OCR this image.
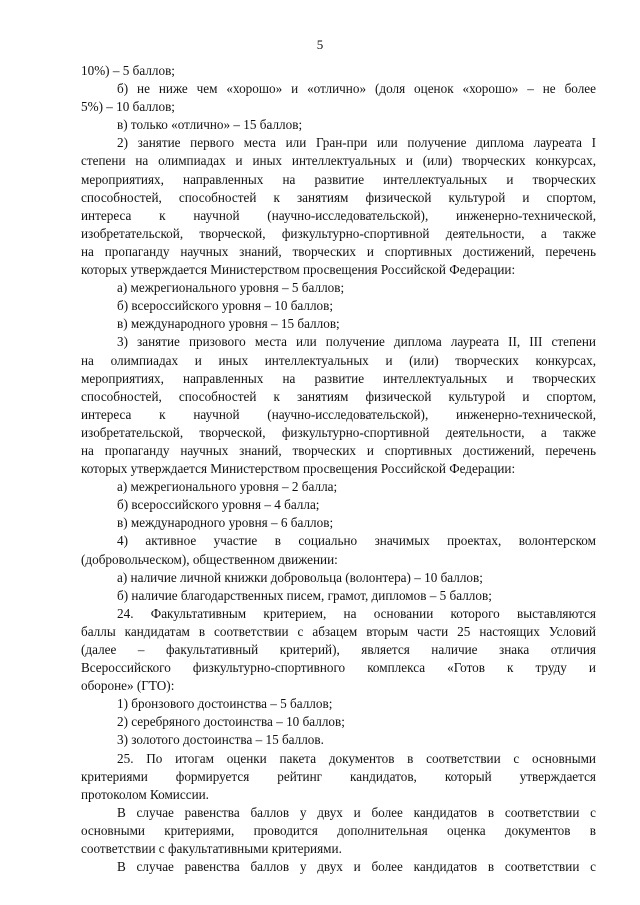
5
10%) – 5 баллов;
б) не ниже чем «хорошо» и «отлично» (доля оценок «хорошо» – не более
5%) – 10 баллов;
в) только «отлично» – 15 баллов;
2) занятие первого места или Гран-при или получение диплома лауреата I
степени на олимпиадах и иных интеллектуальных и (или) творческих конкурсах,
мероприятиях, направленных на развитие интеллектуальных и творческих
способностей, способностей к занятиям физической культурой и спортом,
интереса к научной (научно-исследовательской), инженерно-технической,
изобретательской, творческой, физкультурно-спортивной деятельности, а также
на пропаганду научных знаний, творческих и спортивных достижений, перечень
которых утверждается Министерством просвещения Российской Федерации:
а) межрегионального уровня – 5 баллов;
б) всероссийского уровня – 10 баллов;
в) международного уровня – 15 баллов;
3) занятие призового места или получение диплома лауреата II, III степени
на олимпиадах и иных интеллектуальных и (или) творческих конкурсах,
мероприятиях, направленных на развитие интеллектуальных и творческих
способностей, способностей к занятиям физической культурой и спортом,
интереса к научной (научно-исследовательской), инженерно-технической,
изобретательской, творческой, физкультурно-спортивной деятельности, а также
на пропаганду научных знаний, творческих и спортивных достижений, перечень
которых утверждается Министерством просвещения Российской Федерации:
а) межрегионального уровня – 2 балла;
б) всероссийского уровня – 4 балла;
в) международного уровня – 6 баллов;
4) активное участие в социально значимых проектах, волонтерском
(добровольческом), общественном движении:
а) наличие личной книжки добровольца (волонтера) – 10 баллов;
б) наличие благодарственных писем, грамот, дипломов – 5 баллов;
24. Факультативным критерием, на основании которого выставляются
баллы кандидатам в соответствии с абзацем вторым части 25 настоящих Условий
(далее – факультативный критерий), является наличие знака отличия
Всероссийского физкультурно-спортивного комплекса «Готов к труду и
обороне» (ГТО):
1) бронзового достоинства – 5 баллов;
2) серебряного достоинства – 10 баллов;
3) золотого достоинства – 15 баллов.
25. По итогам оценки пакета документов в соответствии с основными
критериями формируется рейтинг кандидатов, который утверждается
протоколом Комиссии.
В случае равенства баллов у двух и более кандидатов в соответствии с
основными критериями, проводится дополнительная оценка документов в
соответствии с факультативными критериями.
В случае равенства баллов у двух и более кандидатов в соответствии с
